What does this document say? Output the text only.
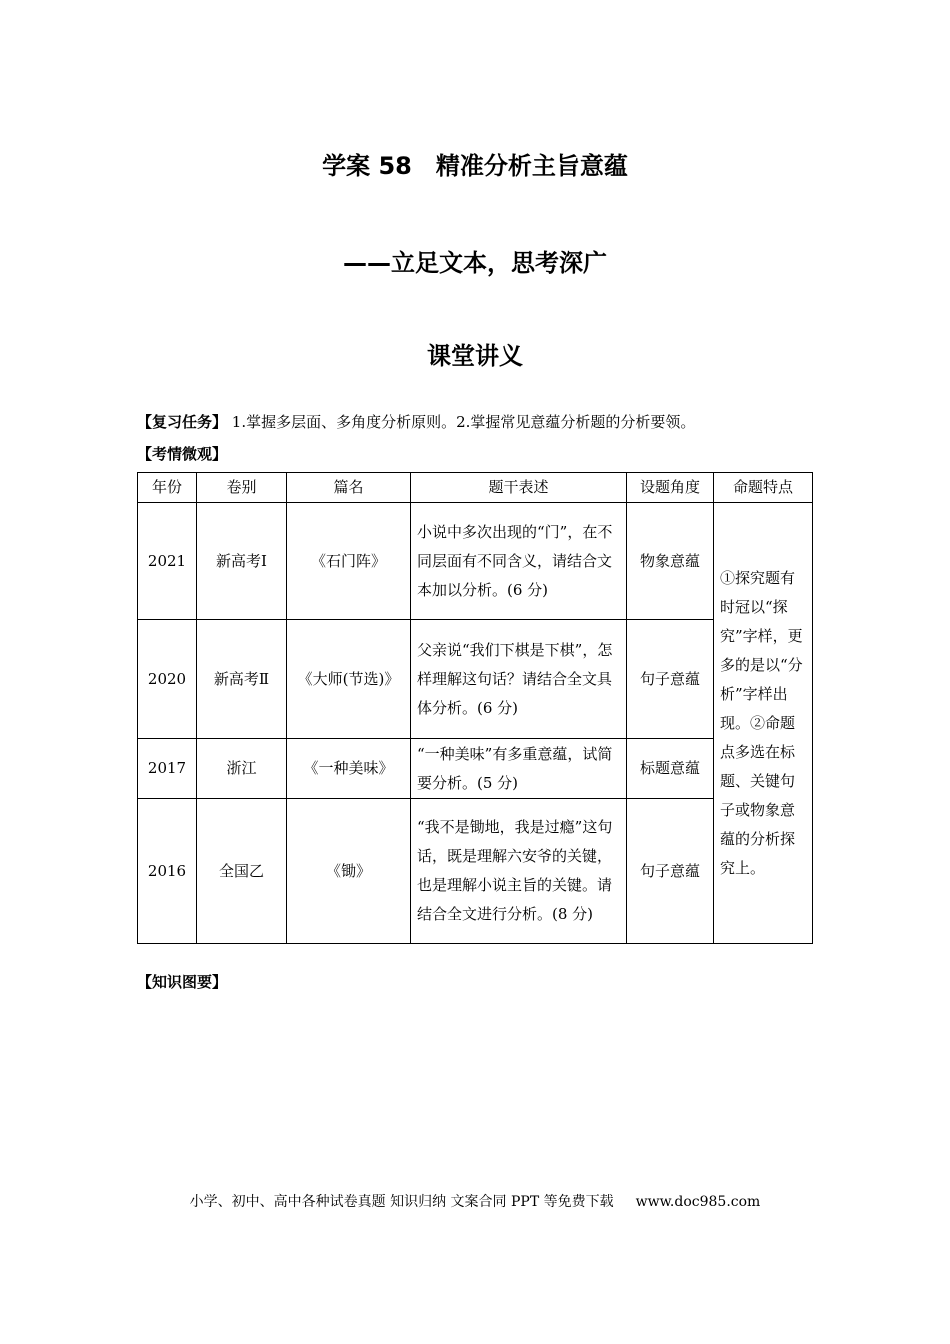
学案 58　精准分析主旨意蕴
——立足文本，思考深广
课堂讲义
【复习任务】 1.掌握多层面、多角度分析原则。2.掌握常见意蕴分析题的分析要领。
【考情微观】
年份	卷别	篇名	题干表述	设题角度	命题特点
2021	新高考Ⅰ	《石门阵》	小说中多次出现的“门”，在不同层面有不同含义，请结合文本加以分析。(6 分)	物象意蕴	①探究题有时冠以“探究”字样，更多的是以“分析”字样出现。②命题点多选在标题、关键句子或物象意蕴的分析探究上。
2020	新高考Ⅱ	《大师(节选)》	父亲说“我们下棋是下棋”，怎样理解这句话？请结合全文具体分析。(6 分)	句子意蕴	
2017	浙江	《一种美味》	“一种美味”有多重意蕴，试简要分析。(5 分)	标题意蕴	
2016	全国乙	《锄》	“我不是锄地，我是过瘾”这句话，既是理解六安爷的关键，也是理解小说主旨的关键。请结合全文进行分析。(8 分)	句子意蕴	
【知识图要】
小学、初中、高中各种试卷真题 知识归纳 文案合同 PPT 等免费下载 www.doc985.com
